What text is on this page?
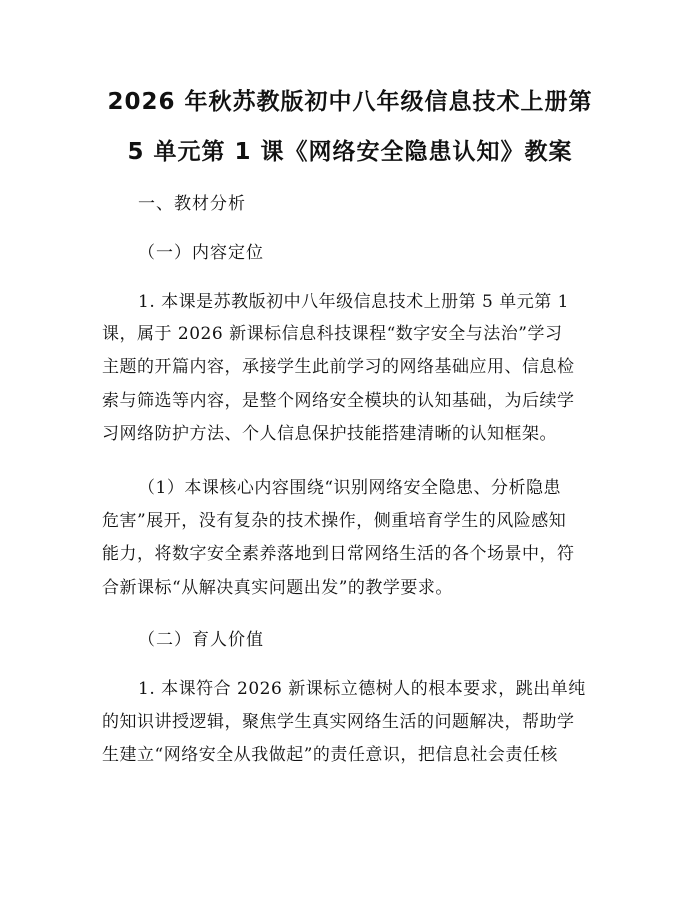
2026 年秋苏教版初中八年级信息技术上册第
5 单元第 1 课《网络安全隐患认知》教案
一、教材分析
（一）内容定位
1. 本课是苏教版初中八年级信息技术上册第 5 单元第 1
课，属于 2026 新课标信息科技课程“数字安全与法治”学习
主题的开篇内容，承接学生此前学习的网络基础应用、信息检
索与筛选等内容，是整个网络安全模块的认知基础，为后续学
习网络防护方法、个人信息保护技能搭建清晰的认知框架。
（1）本课核心内容围绕“识别网络安全隐患、分析隐患
危害”展开，没有复杂的技术操作，侧重培育学生的风险感知
能力，将数字安全素养落地到日常网络生活的各个场景中，符
合新课标“从解决真实问题出发”的教学要求。
（二）育人价值
1. 本课符合 2026 新课标立德树人的根本要求，跳出单纯
的知识讲授逻辑，聚焦学生真实网络生活的问题解决，帮助学
生建立“网络安全从我做起”的责任意识，把信息社会责任核
